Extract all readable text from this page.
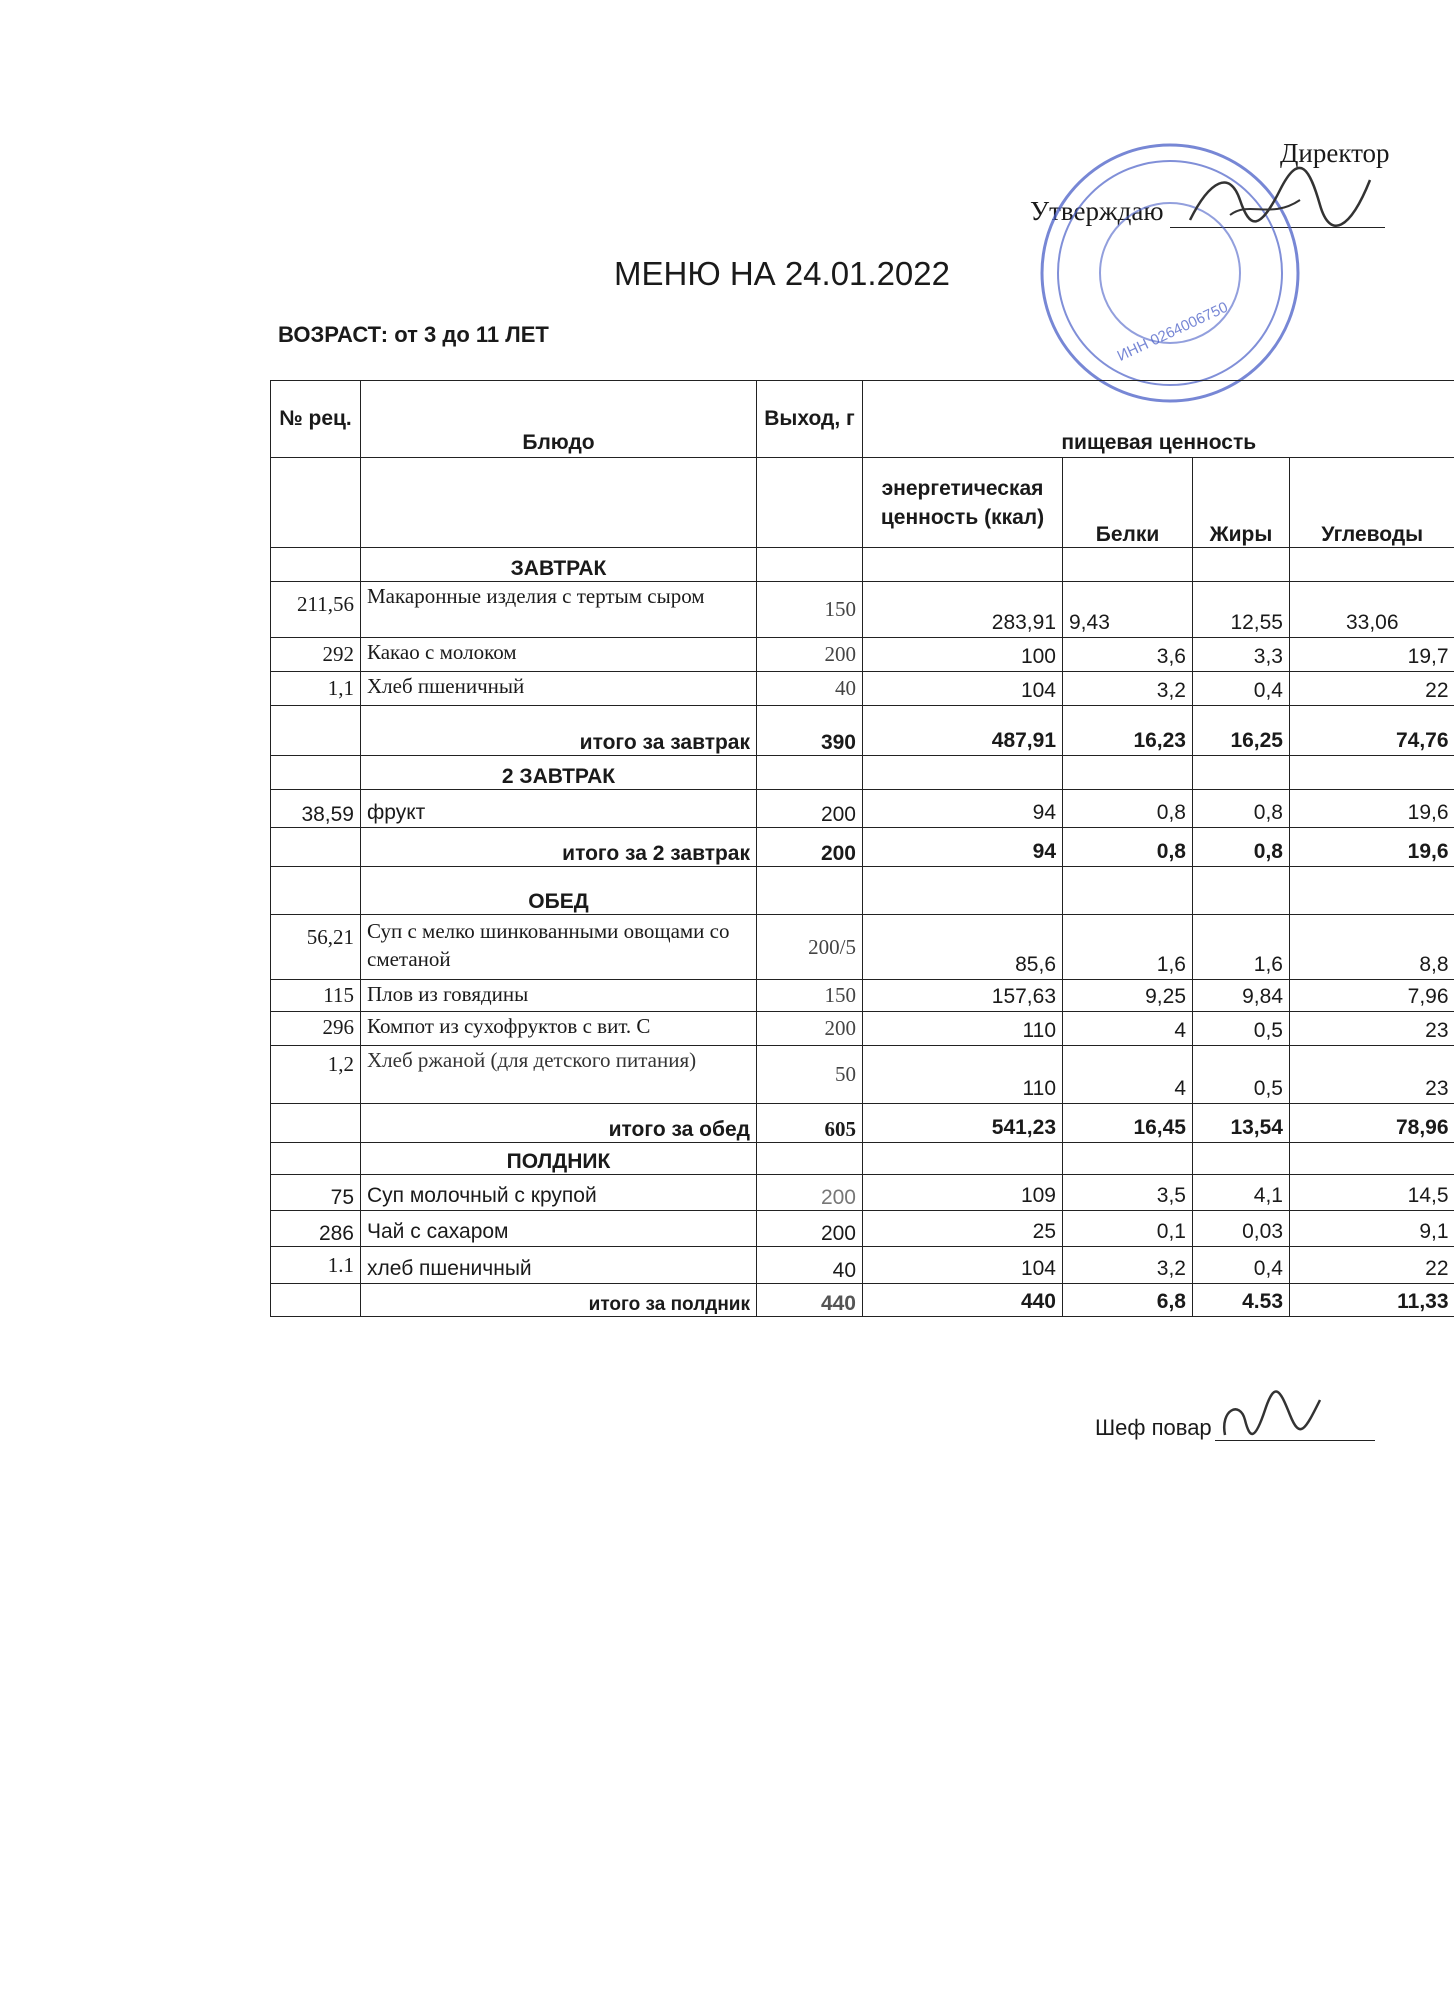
Директор
Утверждаю
ИНН 0264006750
МЕНЮ НА 24.01.2022
ВОЗРАСТ: от 3 до 11 ЛЕТ
№ рец.	Блюдо	Выход, г	пищевая ценность			
			энергетическая ценность (ккал)	Белки	Жиры	Углеводы
	ЗАВТРАК					
211,56	Макаронные изделия с тертым сыром	150	283,91	9,43	12,55	33,06
292	Какао с молоком	200	100	3,6	3,3	19,7
1,1	Хлеб пшеничный	40	104	3,2	0,4	22
	итого за завтрак	390	487,91	16,23	16,25	74,76
	2 ЗАВТРАК					
38,59	фрукт	200	94	0,8	0,8	19,6
	итого за 2 завтрак	200	94	0,8	0,8	19,6
	ОБЕД					
56,21	Суп с мелко шинкованными овощами со сметаной	200/5	85,6	1,6	1,6	8,8
115	Плов из говядины	150	157,63	9,25	9,84	7,96
296	Компот из сухофруктов с вит. С	200	110	4	0,5	23
1,2	Хлеб ржаной (для детского питания)	50	110	4	0,5	23
	итого за обед	605	541,23	16,45	13,54	78,96
	ПОЛДНИК					
75	Суп молочный с крупой	200	109	3,5	4,1	14,5
286	Чай с сахаром	200	25	0,1	0,03	9,1
1.1	хлеб пшеничный	40	104	3,2	0,4	22
	итого за полдник	440	440	6,8	4.53	11,33
Шеф повар
